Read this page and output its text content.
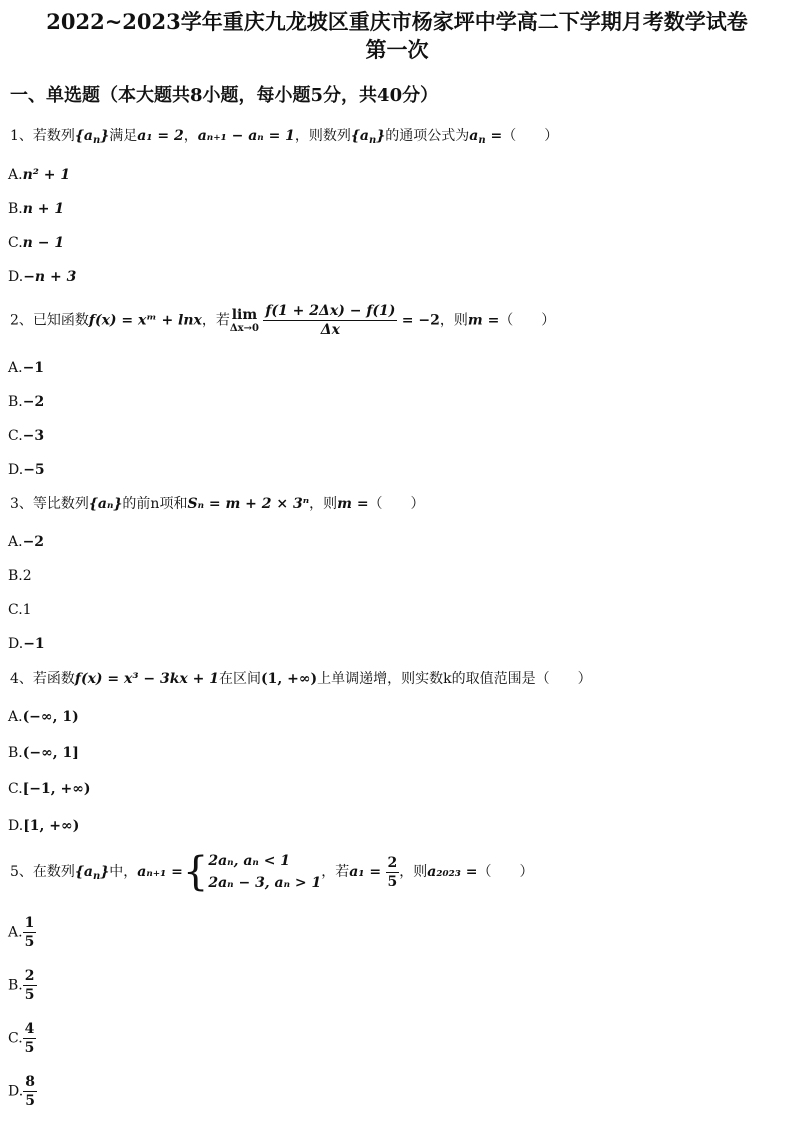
2022~2023学年重庆九龙坡区重庆市杨家坪中学高二下学期月考数学试卷
第一次
一、单选题（本大题共8小题，每小题5分，共40分）
1、若数列$\{a_n\}$满足a₁ = 2，aₙ₊₁ − aₙ = 1，则数列$\{a_n\}$的通项公式为$a_n$ =（　　）
A.n² + 1
B.n + 1
C.n − 1
D.−n + 3
2、已知函数f(x) = xᵐ + lnx，若 lim
Δx→0
$\frac{f(1 + 2\Delta x) - f(1)}{\Delta x} = -2$，则m =（　　）
A.−1
B.−2
C.−3
D.−5
3、等比数列{aₙ}的前n项和Sₙ = m + 2 × 3ⁿ，则m =（　　）
A.−2
B.2
C.1
D.−1
4、若函数f(x) = x³ − 3kx + 1在区间(1, +∞)上单调递增，则实数k的取值范围是（　　）
A.(−∞, 1)
B.(−∞, 1]
C.[−1, +∞)
D.[1, +∞)
5、在数列$\{a_n\}$中，aₙ₊₁ ={ 2aₙ, aₙ < 1
2aₙ − 3, aₙ > 1
，若$a_1 = \frac{2}{5}$ ，则a₂₀₂₃ =（　　）
A. $\frac{1}{5}$
B. $\frac{2}{5}$
C. $\frac{4}{5}$
D. $\frac{8}{5}$
